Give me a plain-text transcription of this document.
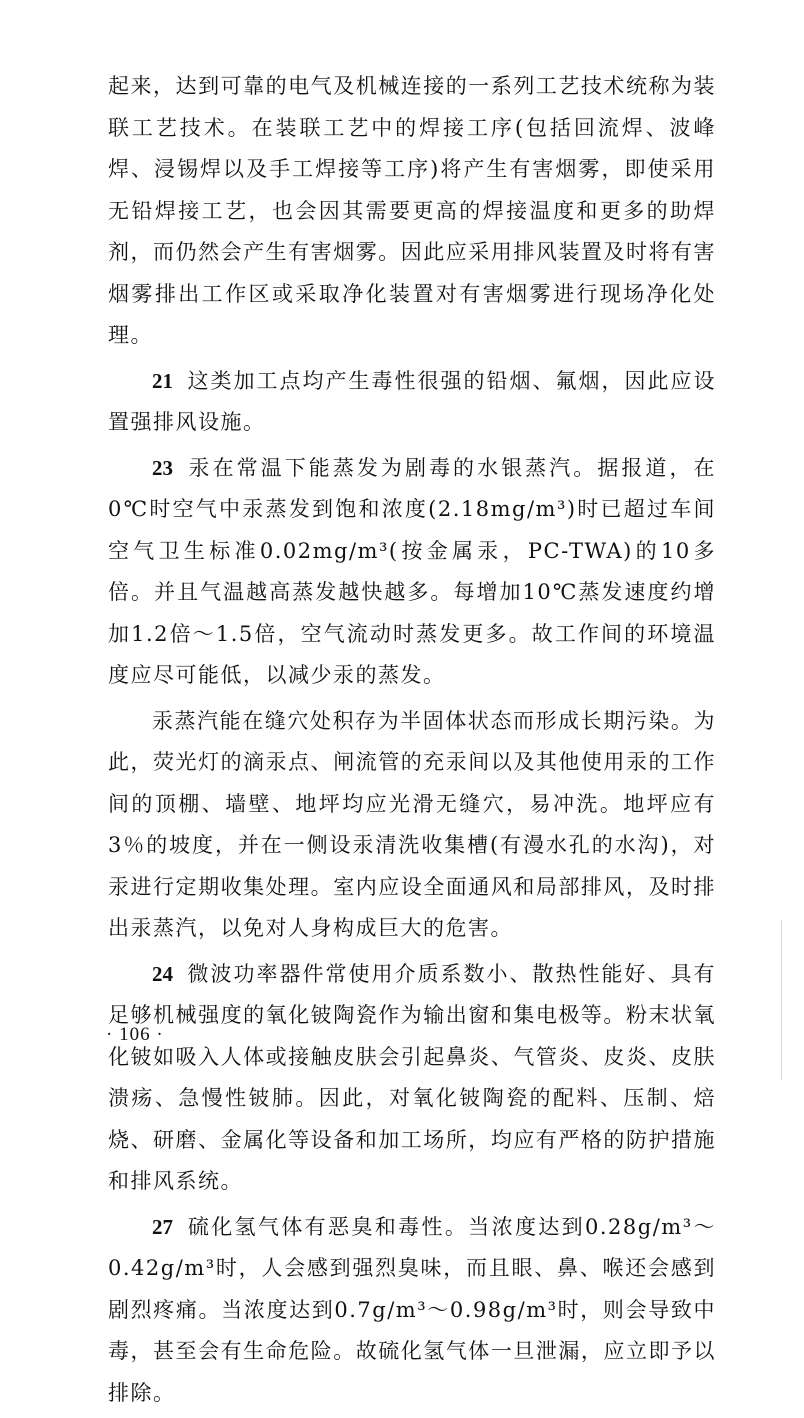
起来，达到可靠的电气及机械连接的一系列工艺技术统称为装联工艺技术。在装联工艺中的焊接工序(包括回流焊、波峰焊、浸锡焊以及手工焊接等工序)将产生有害烟雾，即使采用无铅焊接工艺，也会因其需要更高的焊接温度和更多的助焊剂，而仍然会产生有害烟雾。因此应采用排风装置及时将有害烟雾排出工作区或采取净化装置对有害烟雾进行现场净化处理。

21 这类加工点均产生毒性很强的铅烟、氟烟，因此应设置强排风设施。

23 汞在常温下能蒸发为剧毒的水银蒸汽。据报道，在0℃时空气中汞蒸发到饱和浓度(2.18mg/m³)时已超过车间空气卫生标准0.02mg/m³(按金属汞，PC-TWA)的10多倍。并且气温越高蒸发越快越多。每增加10℃蒸发速度约增加1.2倍～1.5倍，空气流动时蒸发更多。故工作间的环境温度应尽可能低，以减少汞的蒸发。

汞蒸汽能在缝穴处积存为半固体状态而形成长期污染。为此，荧光灯的滴汞点、闸流管的充汞间以及其他使用汞的工作间的顶棚、墙壁、地坪均应光滑无缝穴，易冲洗。地坪应有3％的坡度，并在一侧设汞清洗收集槽(有漫水孔的水沟)，对汞进行定期收集处理。室内应设全面通风和局部排风，及时排出汞蒸汽，以免对人身构成巨大的危害。

24 微波功率器件常使用介质系数小、散热性能好、具有足够机械强度的氧化铍陶瓷作为输出窗和集电极等。粉末状氧化铍如吸入人体或接触皮肤会引起鼻炎、气管炎、皮炎、皮肤溃疡、急慢性铍肺。因此，对氧化铍陶瓷的配料、压制、焙烧、研磨、金属化等设备和加工场所，均应有严格的防护措施和排风系统。

27 硫化氢气体有恶臭和毒性。当浓度达到0.28g/m³～0.42g/m³时，人会感到强烈臭味，而且眼、鼻、喉还会感到剧烈疼痛。当浓度达到0.7g/m³～0.98g/m³时，则会导致中毒，甚至会有生命危险。故硫化氢气体一旦泄漏，应立即予以排除。

· 106 ·
